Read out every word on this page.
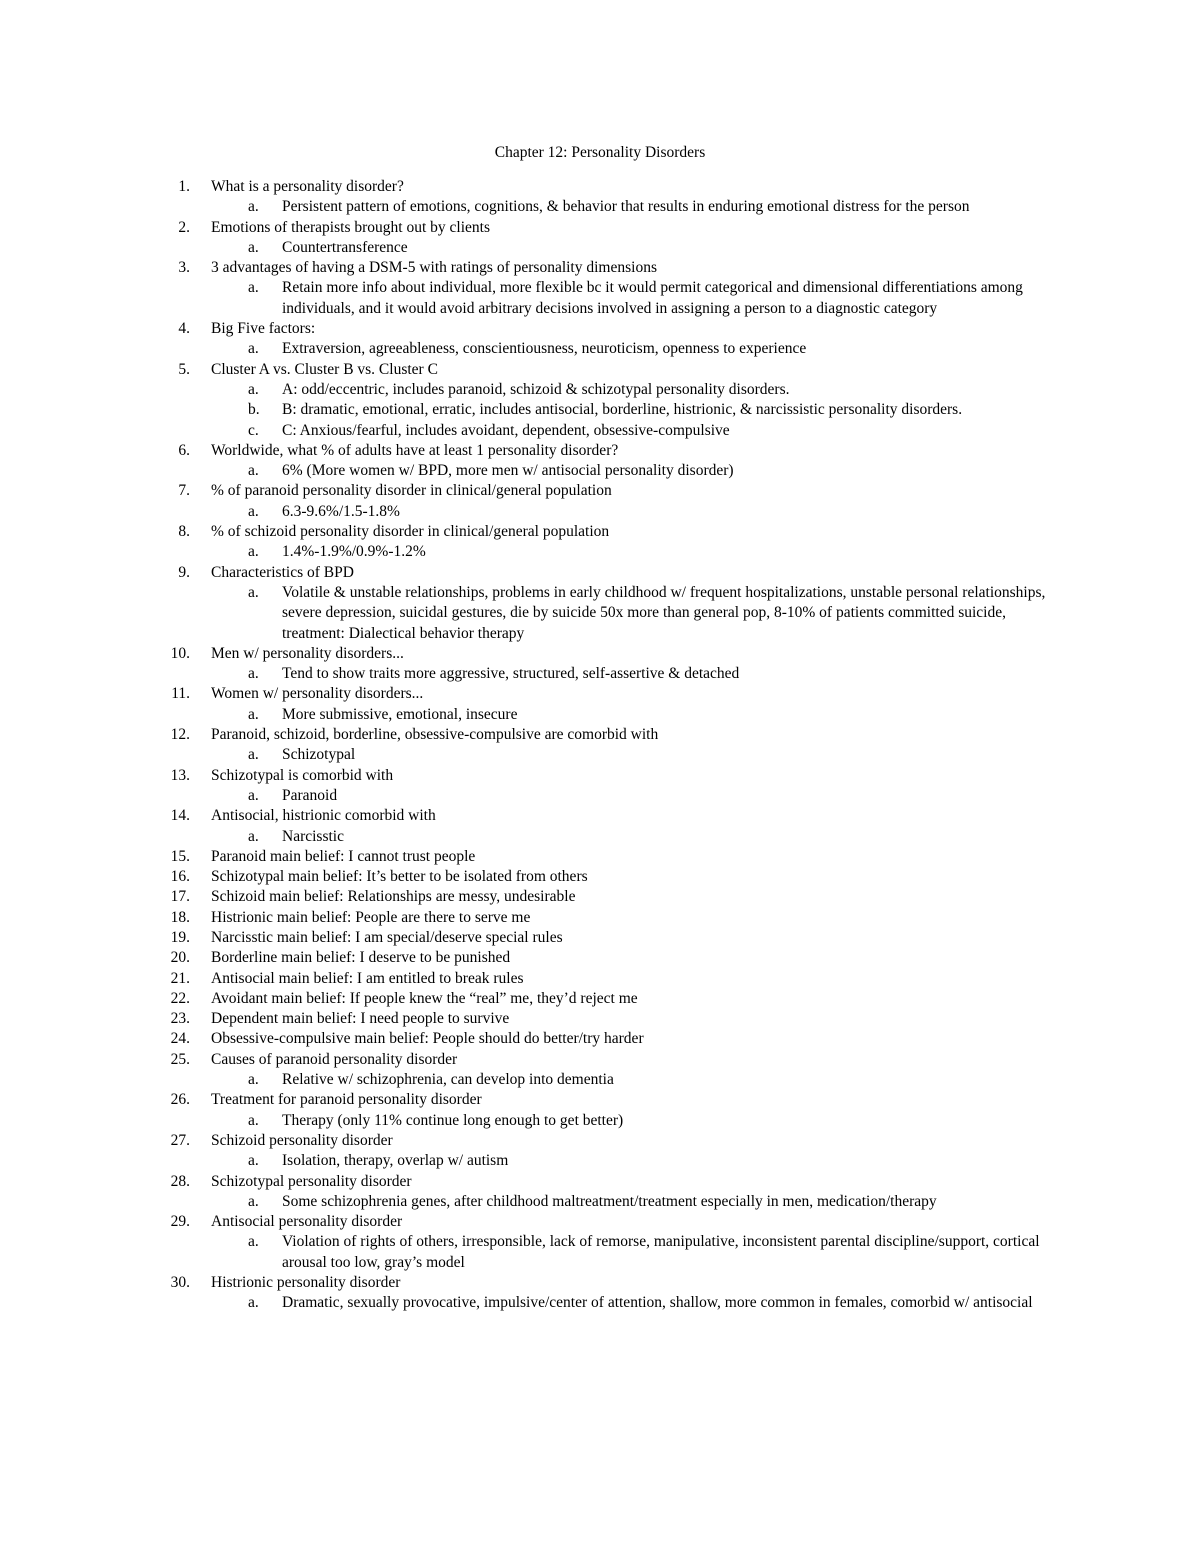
Chapter 12: Personality Disorders
1. What is a personality disorder?
a. Persistent pattern of emotions, cognitions, & behavior that results in enduring emotional distress for the person
2. Emotions of therapists brought out by clients
a. Countertransference
3. 3 advantages of having a DSM-5 with ratings of personality dimensions
a. Retain more info about individual, more flexible bc it would permit categorical and dimensional differentiations among individuals, and it would avoid arbitrary decisions involved in assigning a person to a diagnostic category
4. Big Five factors:
a. Extraversion, agreeableness, conscientiousness, neuroticism, openness to experience
5. Cluster A vs. Cluster B vs. Cluster C
a. A: odd/eccentric, includes paranoid, schizoid & schizotypal personality disorders.
b. B: dramatic, emotional, erratic, includes antisocial, borderline, histrionic, & narcissistic personality disorders.
c. C: Anxious/fearful, includes avoidant, dependent, obsessive-compulsive
6. Worldwide, what % of adults have at least 1 personality disorder?
a. 6% (More women w/ BPD, more men w/ antisocial personality disorder)
7. % of paranoid personality disorder in clinical/general population
a. 6.3-9.6%/1.5-1.8%
8. % of schizoid personality disorder in clinical/general population
a. 1.4%-1.9%/0.9%-1.2%
9. Characteristics of BPD
a. Volatile & unstable relationships, problems in early childhood w/ frequent hospitalizations, unstable personal relationships, severe depression, suicidal gestures, die by suicide 50x more than general pop, 8-10% of patients committed suicide, treatment: Dialectical behavior therapy
10. Men w/ personality disorders...
a. Tend to show traits more aggressive, structured, self-assertive & detached
11. Women w/ personality disorders...
a. More submissive, emotional, insecure
12. Paranoid, schizoid, borderline, obsessive-compulsive are comorbid with
a. Schizotypal
13. Schizotypal is comorbid with
a. Paranoid
14. Antisocial, histrionic comorbid with
a. Narcisstic
15. Paranoid main belief: I cannot trust people
16. Schizotypal main belief: It’s better to be isolated from others
17. Schizoid main belief: Relationships are messy, undesirable
18. Histrionic main belief: People are there to serve me
19. Narcisstic main belief: I am special/deserve special rules
20. Borderline main belief: I deserve to be punished
21. Antisocial main belief: I am entitled to break rules
22. Avoidant main belief: If people knew the “real” me, they’d reject me
23. Dependent main belief: I need people to survive
24. Obsessive-compulsive main belief: People should do better/try harder
25. Causes of paranoid personality disorder
a. Relative w/ schizophrenia, can develop into dementia
26. Treatment for paranoid personality disorder
a. Therapy (only 11% continue long enough to get better)
27. Schizoid personality disorder
a. Isolation, therapy, overlap w/ autism
28. Schizotypal personality disorder
a. Some schizophrenia genes, after childhood maltreatment/treatment especially in men, medication/therapy
29. Antisocial personality disorder
a. Violation of rights of others, irresponsible, lack of remorse, manipulative, inconsistent parental discipline/support, cortical arousal too low, gray’s model
30. Histrionic personality disorder
a. Dramatic, sexually provocative, impulsive/center of attention, shallow, more common in females, comorbid w/ antisocial
